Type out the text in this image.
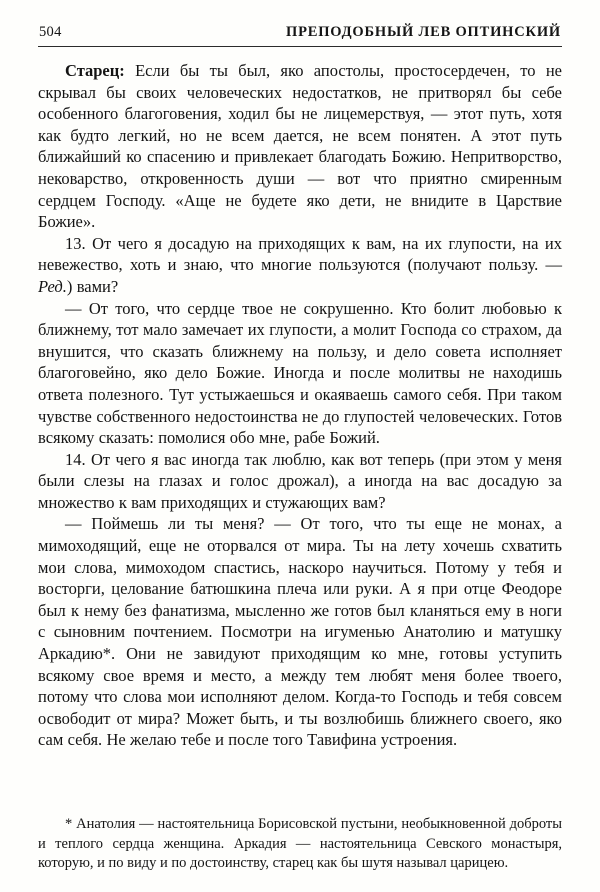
504	ПРЕПОДОБНЫЙ ЛЕВ ОПТИНСКИЙ

Старец: Если бы ты был, яко апостолы, простосердечен, то не скрывал бы своих человеческих недостатков, не притворял бы себе особенного благоговения, ходил бы не лицемерствуя, — этот путь, хотя как будто легкий, но не всем дается, не всем понятен. А этот путь ближайший ко спасению и привлекает благодать Божию. Непритворство, нековарство, откровенность души — вот что приятно смиренным сердцем Господу. «Аще не будете яко дети, не внидите в Царствие Божие».

13. От чего я досадую на приходящих к вам, на их глупости, на их невежество, хоть и знаю, что многие пользуются (получают пользу. — Ред.) вами?

— От того, что сердце твое не сокрушенно. Кто болит любовью к ближнему, тот мало замечает их глупости, а молит Господа со страхом, да внушится, что сказать ближнему на пользу, и дело совета исполняет благоговейно, яко дело Божие. Иногда и после молитвы не находишь ответа полезного. Тут устыжаешься и окаяваешь самого себя. При таком чувстве собственного недостоинства не до глупостей человеческих. Готов всякому сказать: помолися обо мне, рабе Божий.

14. От чего я вас иногда так люблю, как вот теперь (при этом у меня были слезы на глазах и голос дрожал), а иногда на вас досадую за множество к вам приходящих и стужающих вам?

— Поймешь ли ты меня? — От того, что ты еще не монах, а мимоходящий, еще не оторвался от мира. Ты на лету хочешь схватить мои слова, мимоходом спастись, наскоро научиться. Потому у тебя и восторги, целование батюшкина плеча или руки. А я при отце Феодоре был к нему без фанатизма, мысленно же готов был кланяться ему в ноги с сыновним почтением. Посмотри на игуменью Анатолию и матушку Аркадию*. Они не завидуют приходящим ко мне, готовы уступить всякому свое время и место, а между тем любят меня более твоего, потому что слова мои исполняют делом. Когда-то Господь и тебя совсем освободит от мира? Может быть, и ты возлюбишь ближнего своего, яко сам себя. Не желаю тебе и после того Тавифина устроения.

* Анатолия — настоятельница Борисовской пустыни, необыкновенной доброты и теплого сердца женщина. Аркадия — настоятельница Севского монастыря, которую, и по виду и по достоинству, старец как бы шутя называл царицею.
